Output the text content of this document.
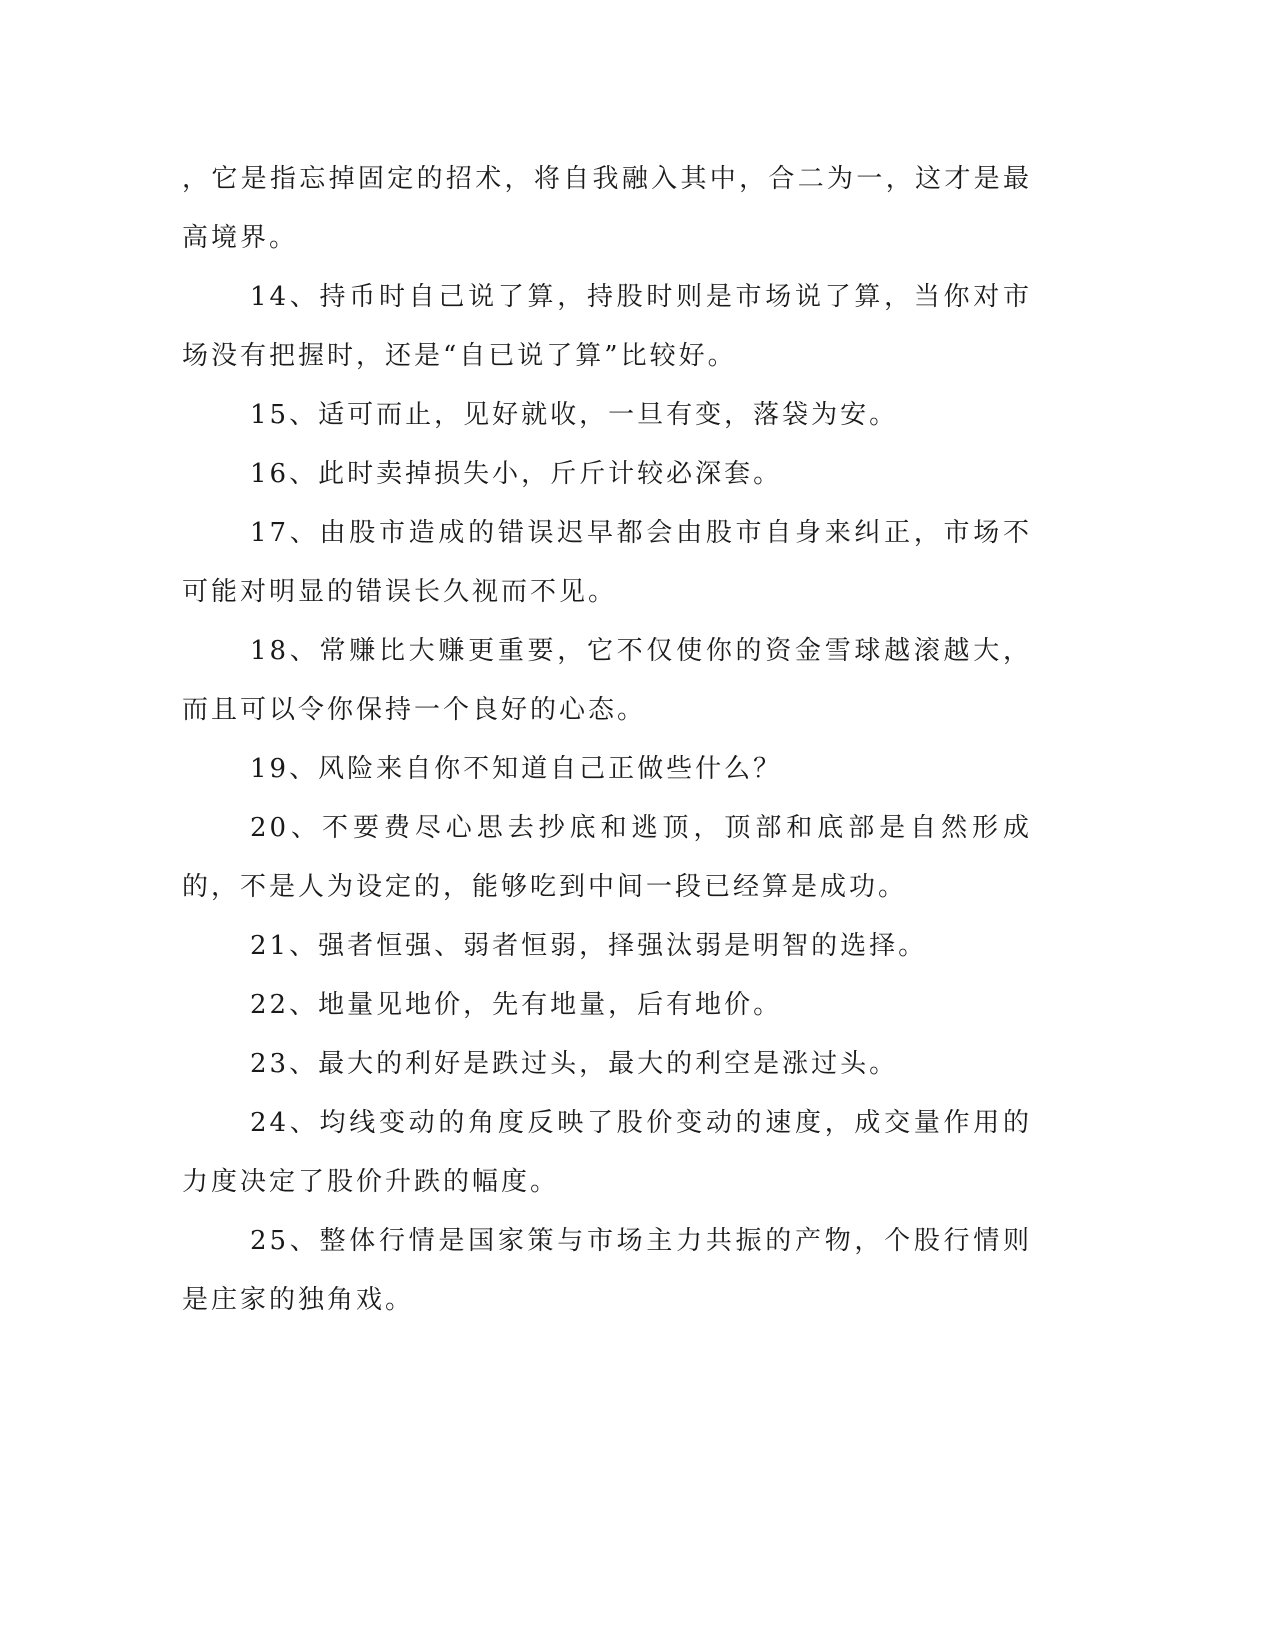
，它是指忘掉固定的招术，将自我融入其中，合二为一，这才是最高境界。

14、持币时自己说了算，持股时则是市场说了算，当你对市场没有把握时，还是“自已说了算”比较好。

15、适可而止，见好就收，一旦有变，落袋为安。

16、此时卖掉损失小，斤斤计较必深套。

17、由股市造成的错误迟早都会由股市自身来纠正，市场不可能对明显的错误长久视而不见。

18、常赚比大赚更重要，它不仅使你的资金雪球越滚越大，而且可以令你保持一个良好的心态。

19、风险来自你不知道自己正做些什么？

20、不要费尽心思去抄底和逃顶，顶部和底部是自然形成的，不是人为设定的，能够吃到中间一段已经算是成功。

21、强者恒强、弱者恒弱，择强汰弱是明智的选择。

22、地量见地价，先有地量，后有地价。

23、最大的利好是跌过头，最大的利空是涨过头。

24、均线变动的角度反映了股价变动的速度，成交量作用的力度决定了股价升跌的幅度。

25、整体行情是国家策与市场主力共振的产物，个股行情则是庄家的独角戏。
